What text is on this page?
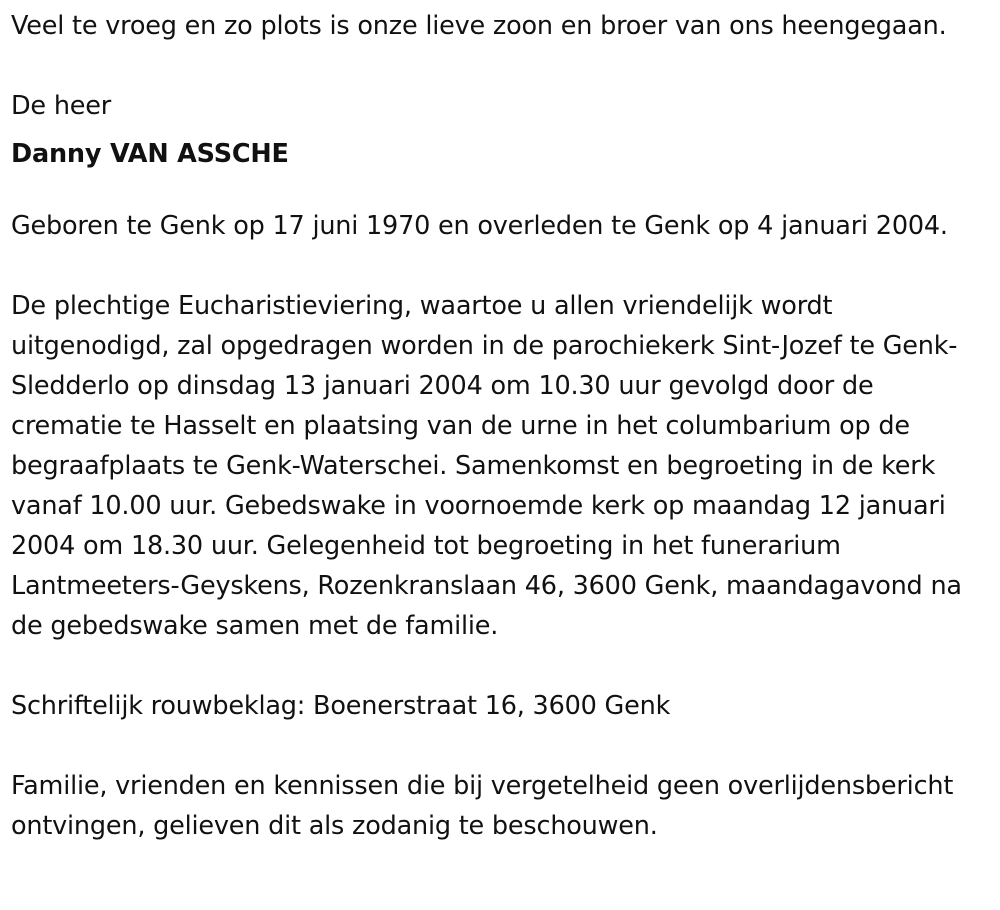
Veel te vroeg en zo plots is onze lieve zoon en broer van ons heengegaan.

De heer

Danny VAN ASSCHE

Geboren te Genk op 17 juni 1970 en overleden te Genk op 4 januari 2004.

De plechtige Eucharistieviering, waartoe u allen vriendelijk wordt uitgenodigd, zal opgedragen worden in de parochiekerk Sint-Jozef te Genk-Sledderlo op dinsdag 13 januari 2004 om 10.30 uur gevolgd door de crematie te Hasselt en plaatsing van de urne in het columbarium op de begraafplaats te Genk-Waterschei. Samenkomst en begroeting in de kerk vanaf 10.00 uur. Gebedswake in voornoemde kerk op maandag 12 januari 2004 om 18.30 uur. Gelegenheid tot begroeting in het funerarium Lantmeeters-Geyskens, Rozenkranslaan 46, 3600 Genk, maandagavond na de gebedswake samen met de familie.

Schriftelijk rouwbeklag: Boenerstraat 16, 3600 Genk

Familie, vrienden en kennissen die bij vergetelheid geen overlijdensbericht ontvingen, gelieven dit als zodanig te beschouwen.
